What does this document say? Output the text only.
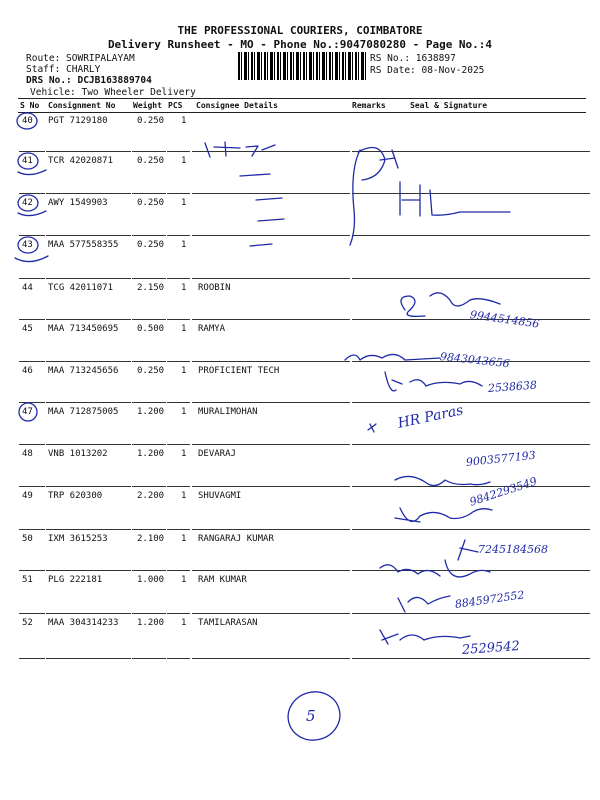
THE PROFESSIONAL COURIERS, COIMBATORE
Delivery Runsheet - MO - Phone No.:9047080280 - Page No.:4
Route: SOWRIPALAYAM
Staff: CHARLY
DRS No.: DCJB163889704
Vehicle: Two Wheeler Delivery
RS No.: 1638897
RS Date: 08-Nov-2025
S No Consignment No Weight PCS Consignee Details	Remarks	Seal & Signature
40 PGT 7129180	0.250 1
41 TCR 42020871	0.250 1
42 AWY 1549903	0.250 1
43 MAA 577558355 0.250 1
44 TCG 42011071	2.150 1 ROOBIN
45 MAA 713450695 0.500 1 RAMYA
46 MAA 713245656 0.250 1 PROFICIENT TECH
47 MAA 712875005 1.200 1 MURALIMOHAN
48 VNB 1013202	1.200 1 DEVARAJ
49 TRP 620300	2.200 1 SHUVAGMI
50 IXM 3615253	2.100 1 RANGARAJ KUMAR
51 PLG 222181	1.000 1 RAM KUMAR
52 MAA 304314233 1.200 1 TAMILARASAN
9944514856
9843043656
2538638
HR Paras
9003577193
9842293549
7245184568
8845972552
2529542
5
